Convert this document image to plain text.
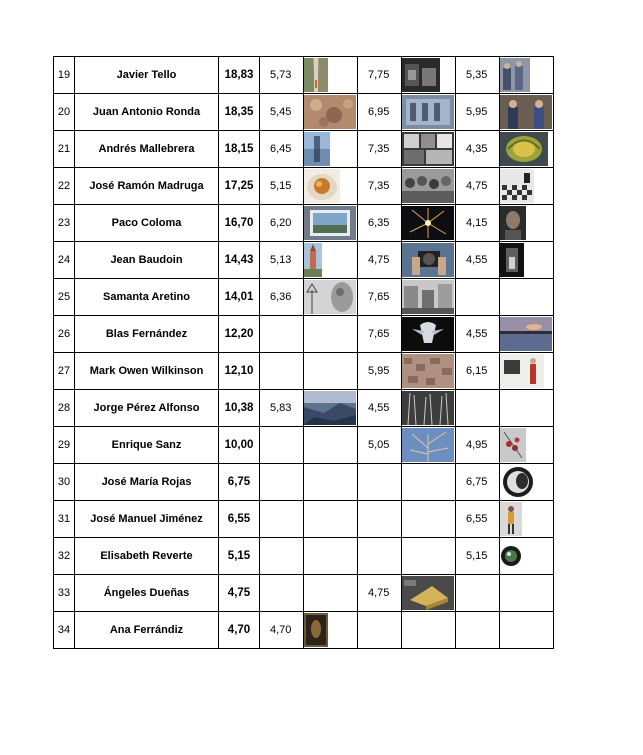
19	Javier Tello	18,83	5,73		7,75		5,35	

20	Juan Antonio Ronda	18,35	5,45		6,95		5,95	

21	Andrés Mallebrera	18,15	6,45		7,35		4,35	

22	José Ramón Madruga	17,25	5,15		7,35		4,75	

23	Paco Coloma	16,70	6,20		6,35		4,15	

24	Jean Baudoin	14,43	5,13		4,75		4,55	

25	Samanta Aretino	14,01	6,36		7,65	

26	Blas Fernández	12,20			7,65		4,55	

27	Mark Owen Wilkinson	12,10			5,95		6,15	

28	Jorge Pérez Alfonso	10,38	5,83		4,55	

29	Enrique Sanz	10,00			5,05		4,95	

30	José María Rojas	6,75					6,75	

31	José Manuel Jiménez	6,55					6,55	

32	Elisabeth Reverte	5,15					5,15	

33	Ángeles Dueñas	4,75			4,75	

34	Ana Ferrándiz	4,70	4,70	
